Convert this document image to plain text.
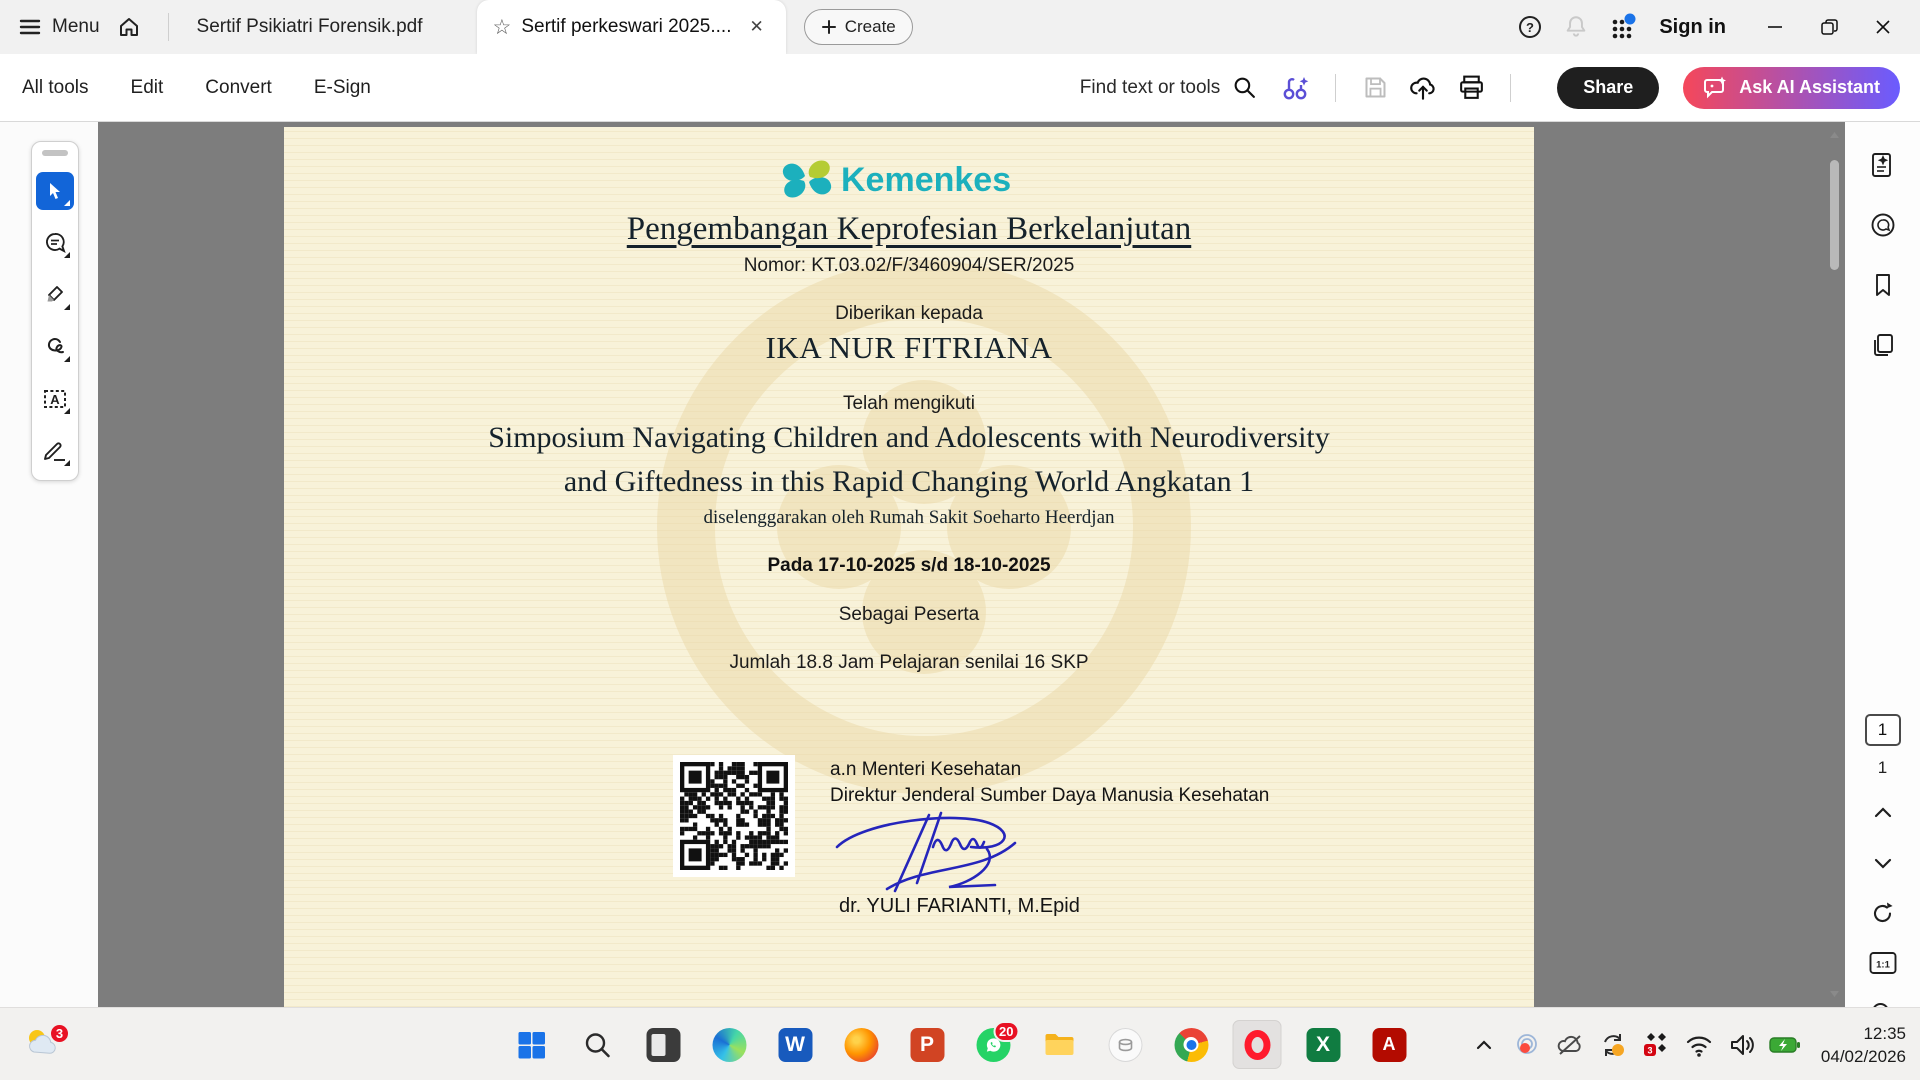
Menu	Sertif Psikiatri Forensik.pdf	☆ Sertif perkeswari 2025....	✕	Create	?	Sign in
All tools Edit Convert E-Sign	Find text or tools	Share	Ask AI Assistant
A
Kemenkes
Pengembangan Keprofesian Berkelanjutan
Nomor: KT.03.02/F/3460904/SER/2025
Diberikan kepada
IKA NUR FITRIANA
Telah mengikuti
Simposium Navigating Children and Adolescents with Neurodiversity
and Giftedness in this Rapid Changing World Angkatan 1
diselenggarakan oleh Rumah Sakit Soeharto Heerdjan
Pada 17-10-2025 s/d 18-10-2025
Sebagai Peserta
Jumlah 18.8 Jam Pelajaran senilai 16 SKP
a.n Menteri Kesehatan
Direktur Jenderal Sumber Daya Manusia Kesehatan
dr. YULI FARIANTI, M.Epid
1
1
1:1
3	W	P
20
X	A	3
12:35
04/02/2026
